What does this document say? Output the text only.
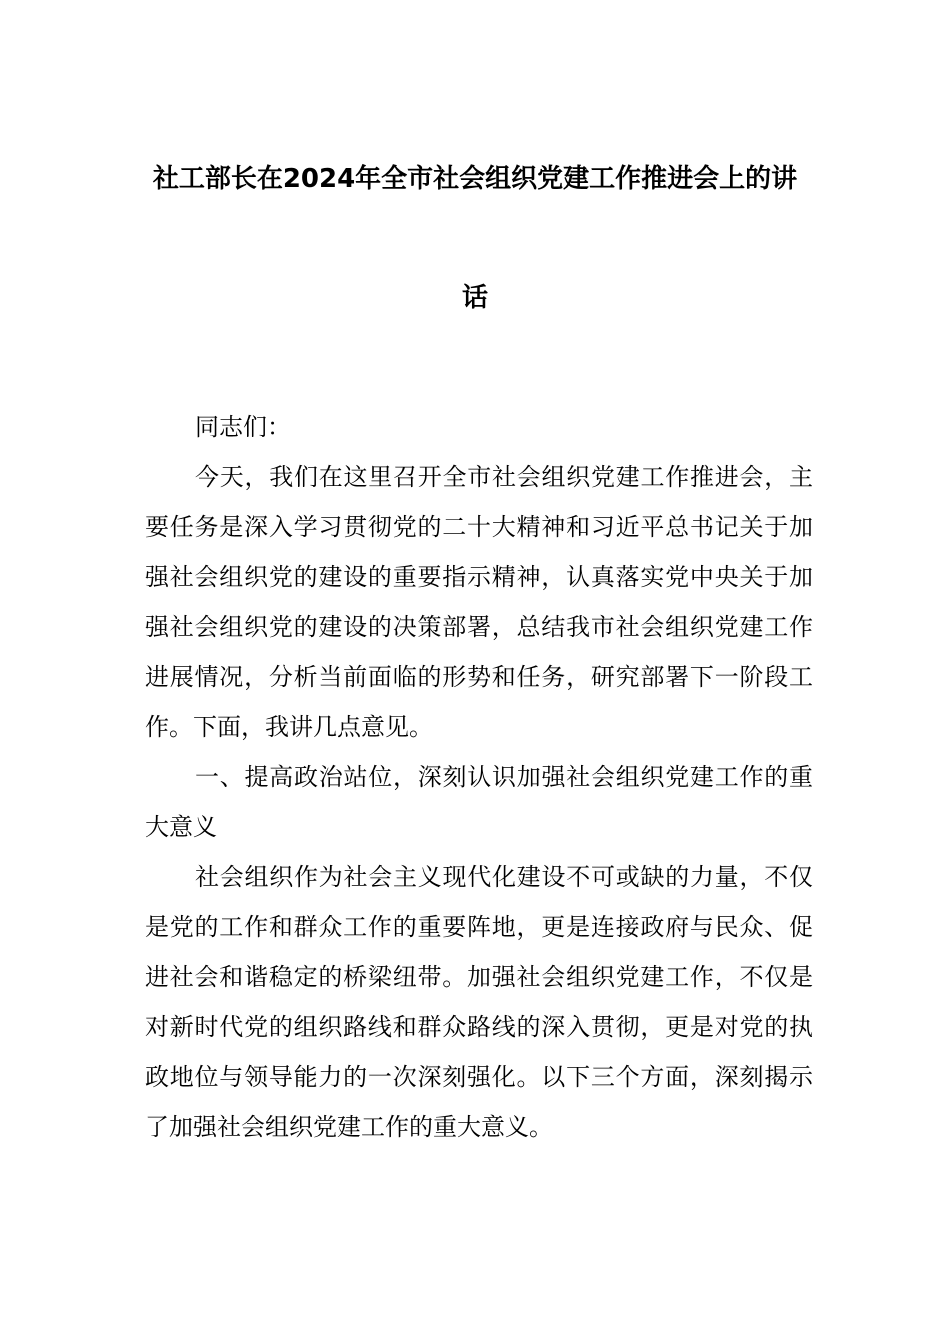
社工部长在2024年全市社会组织党建工作推进会上的讲
话

同志们：

今天，我们在这里召开全市社会组织党建工作推进会，主要任务是深入学习贯彻党的二十大精神和习近平总书记关于加强社会组织党的建设的重要指示精神，认真落实党中央关于加强社会组织党的建设的决策部署，总结我市社会组织党建工作进展情况，分析当前面临的形势和任务，研究部署下一阶段工作。下面，我讲几点意见。

一、提高政治站位，深刻认识加强社会组织党建工作的重大意义

社会组织作为社会主义现代化建设不可或缺的力量，不仅是党的工作和群众工作的重要阵地，更是连接政府与民众、促进社会和谐稳定的桥梁纽带。加强社会组织党建工作，不仅是对新时代党的组织路线和群众路线的深入贯彻，更是对党的执政地位与领导能力的一次深刻强化。以下三个方面，深刻揭示了加强社会组织党建工作的重大意义。
